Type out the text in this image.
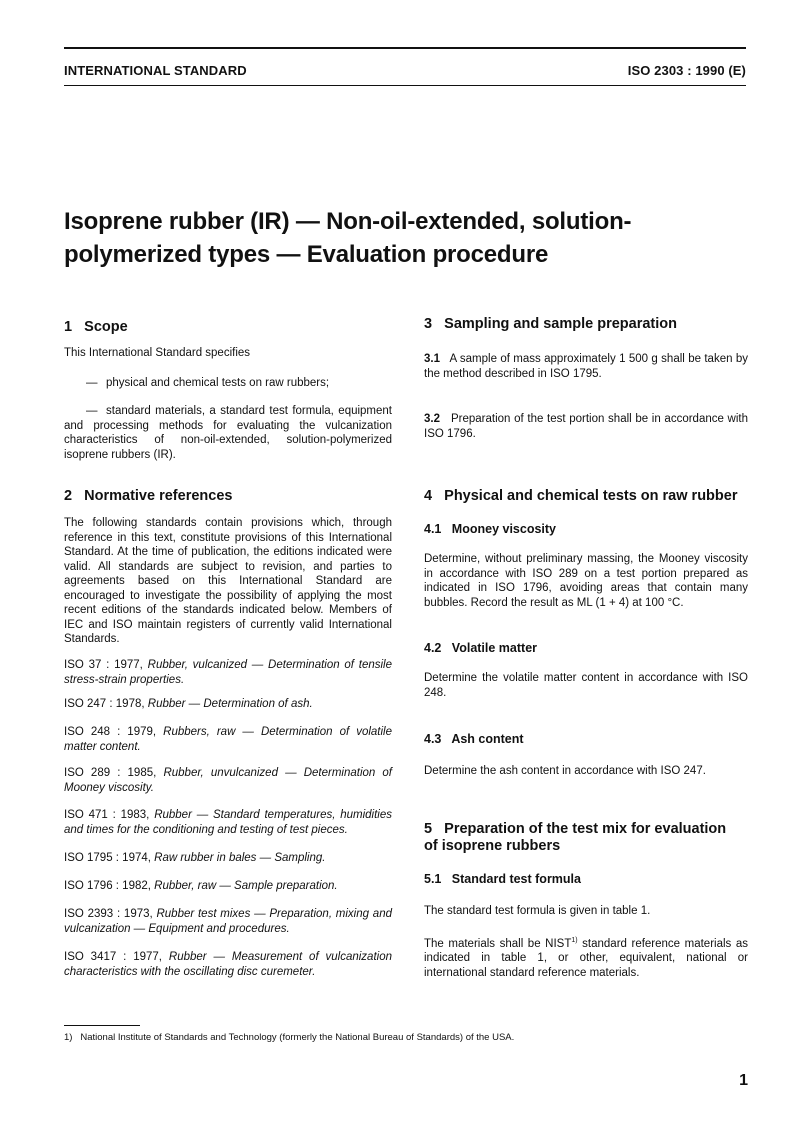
INTERNATIONAL STANDARD	ISO 2303 : 1990 (E)
Isoprene rubber (IR) — Non-oil-extended, solution-polymerized types — Evaluation procedure
1   Scope

This International Standard specifies

— physical and chemical tests on raw rubbers;

— standard materials, a standard test formula, equipment and processing methods for evaluating the vulcanization characteristics of non-oil-extended, solution-polymerized isoprene rubbers (IR).

2   Normative references

The following standards contain provisions which, through reference in this text, constitute provisions of this International Standard. At the time of publication, the editions indicated were valid. All standards are subject to revision, and parties to agreements based on this International Standard are encouraged to investigate the possibility of applying the most recent editions of the standards indicated below. Members of IEC and ISO maintain registers of currently valid International Standards.

ISO 37 : 1977, Rubber, vulcanized — Determination of tensile stress-strain properties.

ISO 247 : 1978, Rubber — Determination of ash.

ISO 248 : 1979, Rubbers, raw — Determination of volatile matter content.

ISO 289 : 1985, Rubber, unvulcanized — Determination of Mooney viscosity.

ISO 471 : 1983, Rubber — Standard temperatures, humidities and times for the conditioning and testing of test pieces.

ISO 1795 : 1974, Raw rubber in bales — Sampling.

ISO 1796 : 1982, Rubber, raw — Sample preparation.

ISO 2393 : 1973, Rubber test mixes — Preparation, mixing and vulcanization — Equipment and procedures.

ISO 3417 : 1977, Rubber — Measurement of vulcanization characteristics with the oscillating disc curemeter.

3   Sampling and sample preparation

3.1 A sample of mass approximately 1 500 g shall be taken by the method described in ISO 1795.

3.2 Preparation of the test portion shall be in accordance with ISO 1796.

4   Physical and chemical tests on raw rubber
4.1   Mooney viscosity

Determine, without preliminary massing, the Mooney viscosity in accordance with ISO 289 on a test portion prepared as indicated in ISO 1796, avoiding areas that contain many bubbles. Record the result as ML (1 + 4) at 100 °C.

4.2   Volatile matter

Determine the volatile matter content in accordance with ISO 248.

4.3   Ash content

Determine the ash content in accordance with ISO 247.

5   Preparation of the test mix for evaluation
of isoprene rubbers
5.1   Standard test formula

The standard test formula is given in table 1.

The materials shall be NIST$^{1)}$ standard reference materials as indicated in table 1, or other, equivalent, national or international standard reference materials.

1)   National Institute of Standards and Technology (formerly the National Bureau of Standards) of the USA.
1
